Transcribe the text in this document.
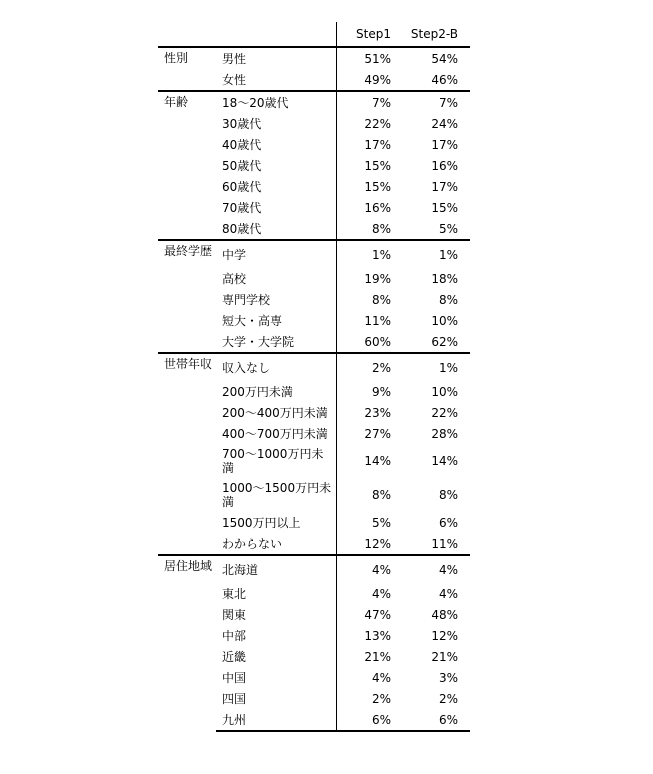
		Step1	Step2-B
性別	男性	51%	54%
	女性	49%	46%
年齢	18～20歳代	7%	7%
	30歳代	22%	24%
	40歳代	17%	17%
	50歳代	15%	16%
	60歳代	15%	17%
	70歳代	16%	15%
	80歳代	8%	5%
最終学歴	中学	1%	1%
	高校	19%	18%
	専門学校	8%	8%
	短大・高専	11%	10%
	大学・大学院	60%	62%
世帯年収	収入なし	2%	1%
	200万円未満	9%	10%
	200～400万円未満	23%	22%
	400～700万円未満	27%	28%
	700～1000万円未満	14%	14%
	1000～1500万円未満	8%	8%
	1500万円以上	5%	6%
	わからない	12%	11%
居住地域	北海道	4%	4%
	東北	4%	4%
	関東	47%	48%
	中部	13%	12%
	近畿	21%	21%
	中国	4%	3%
	四国	2%	2%
	九州	6%	6%
